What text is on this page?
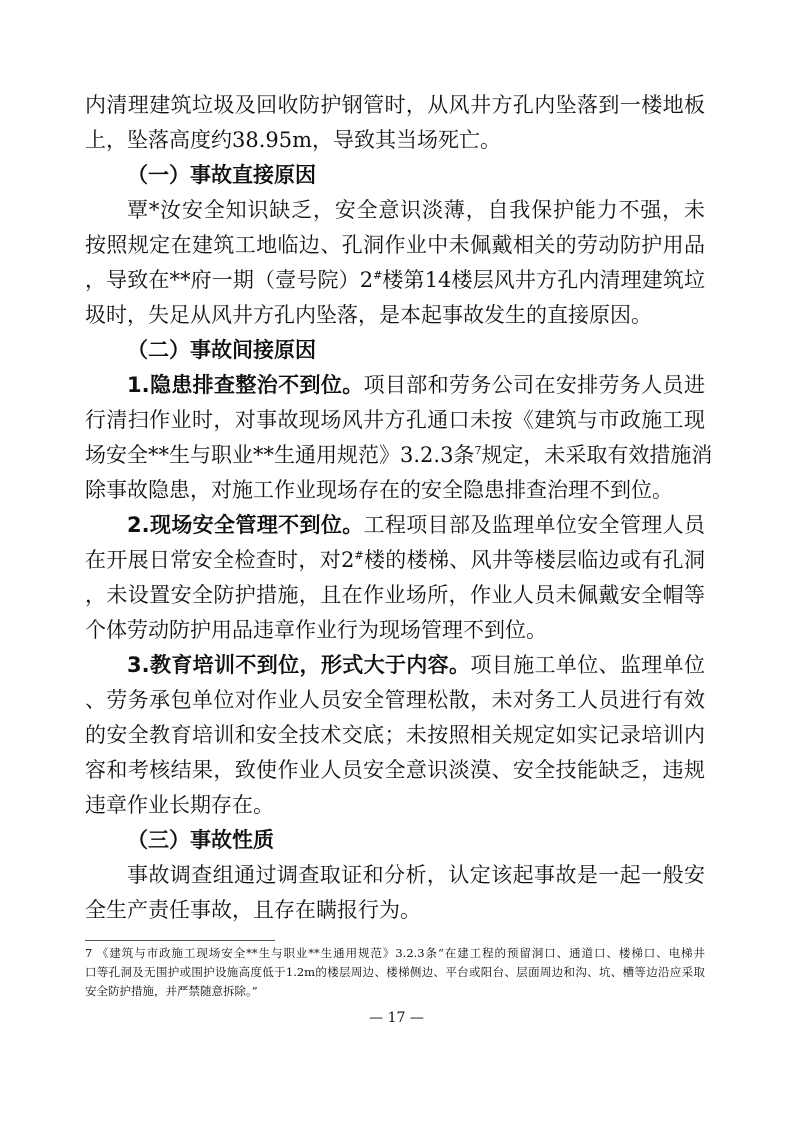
内清理建筑垃圾及回收防护钢管时，从风井方孔内坠落到一楼地板
上，坠落高度约38.95m，导致其当场死亡。
（一）事故直接原因
覃*汝安全知识缺乏，安全意识淡薄，自我保护能力不强，未
按照规定在建筑工地临边、孔洞作业中未佩戴相关的劳动防护用品
，导致在**府一期（壹号院）2#楼第14楼层风井方孔内清理建筑垃
圾时，失足从风井方孔内坠落，是本起事故发生的直接原因。
（二）事故间接原因
1.隐患排查整治不到位。项目部和劳务公司在安排劳务人员进
行清扫作业时，对事故现场风井方孔通口未按《建筑与市政施工现
场安全**生与职业**生通用规范》3.2.3条$^7$规定，未采取有效措施消
除事故隐患，对施工作业现场存在的安全隐患排查治理不到位。
2.现场安全管理不到位。工程项目部及监理单位安全管理人员
在开展日常安全检查时，对2#楼的楼梯、风井等楼层临边或有孔洞
，未设置安全防护措施，且在作业场所，作业人员未佩戴安全帽等
个体劳动防护用品违章作业行为现场管理不到位。
3.教育培训不到位，形式大于内容。项目施工单位、监理单位
、劳务承包单位对作业人员安全管理松散，未对务工人员进行有效
的安全教育培训和安全技术交底；未按照相关规定如实记录培训内
容和考核结果，致使作业人员安全意识淡漠、安全技能缺乏，违规
违章作业长期存在。
（三）事故性质
事故调查组通过调查取证和分析，认定该起事故是一起一般安
全生产责任事故，且存在瞒报行为。
7 《建筑与市政施工现场安全**生与职业**生通用规范》3.2.3条“在建工程的预留洞口、通道口、楼梯口、电梯井
口等孔洞及无围护或围护设施高度低于1.2m的楼层周边、楼梯侧边、平台或阳台、层面周边和沟、坑、槽等边沿应采取
安全防护措施，并严禁随意拆除。”
— 17 —
